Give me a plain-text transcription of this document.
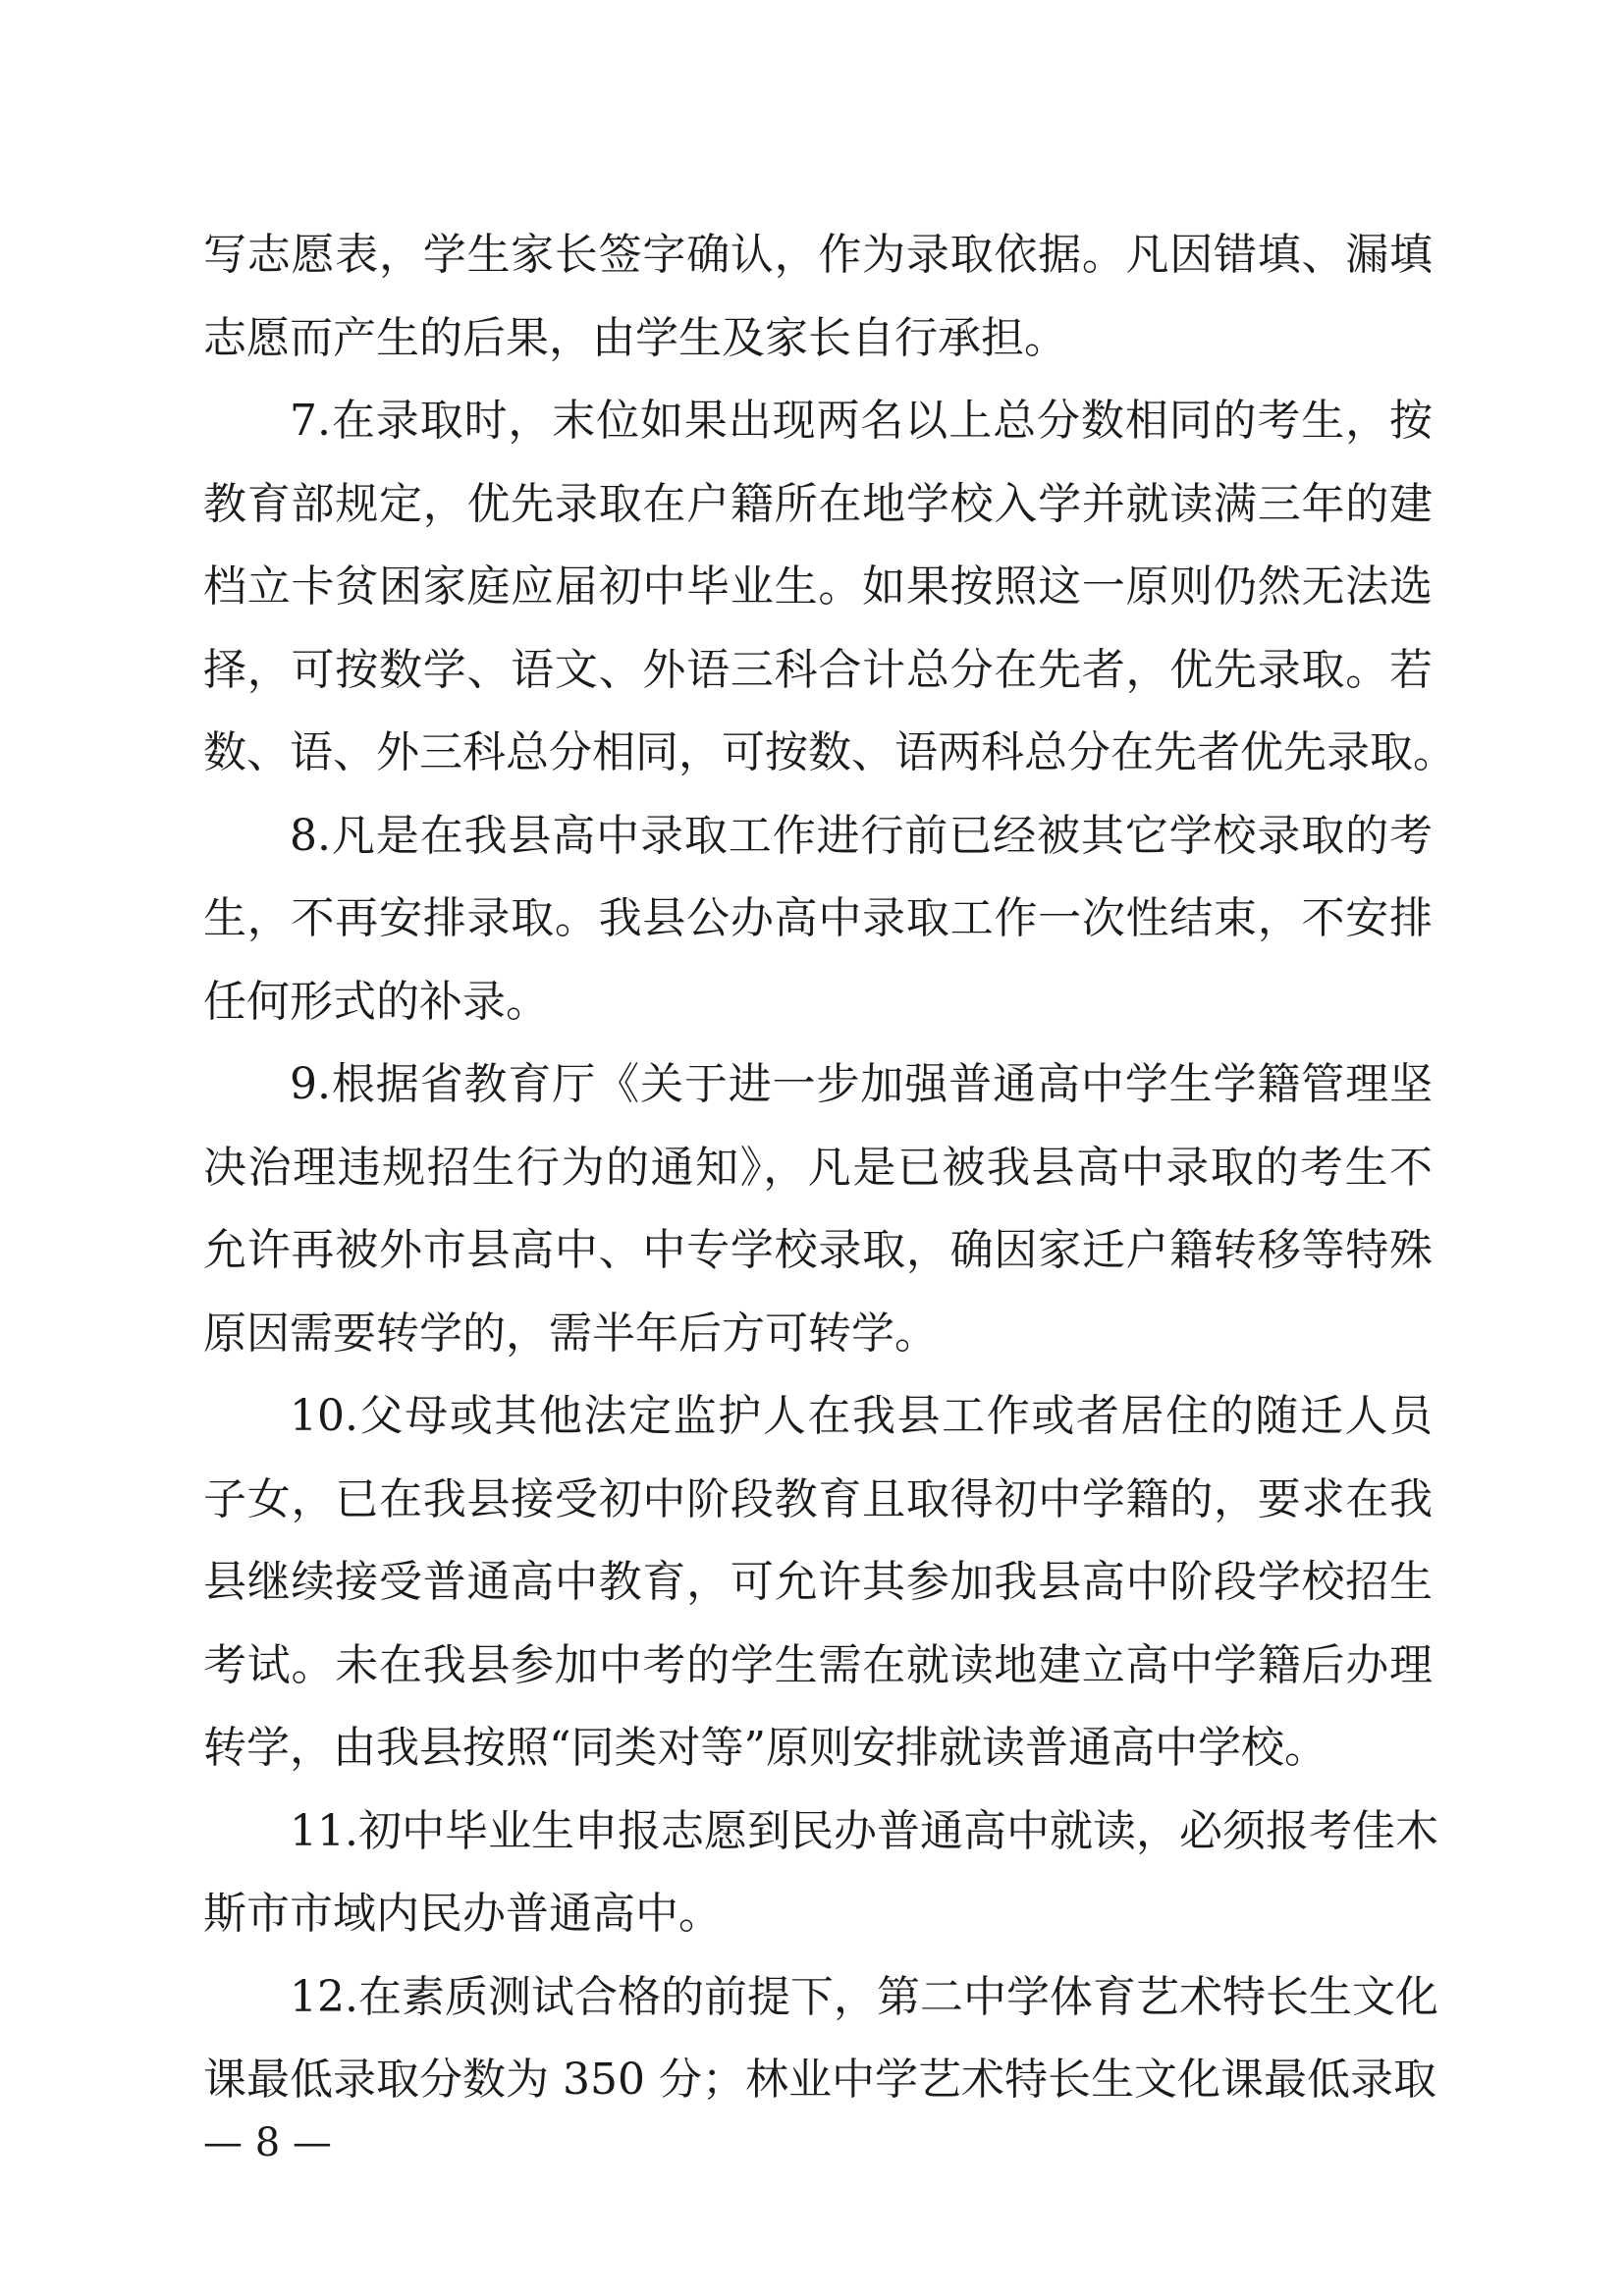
写志愿表，学生家长签字确认，作为录取依据。凡因错填、漏填
志愿而产生的后果，由学生及家长自行承担。
7.在录取时，末位如果出现两名以上总分数相同的考生，按
教育部规定，优先录取在户籍所在地学校入学并就读满三年的建
档立卡贫困家庭应届初中毕业生。如果按照这一原则仍然无法选
择，可按数学、语文、外语三科合计总分在先者，优先录取。若
数、语、外三科总分相同，可按数、语两科总分在先者优先录取。
8.凡是在我县高中录取工作进行前已经被其它学校录取的考
生，不再安排录取。我县公办高中录取工作一次性结束，不安排
任何形式的补录。
9.根据省教育厅《关于进一步加强普通高中学生学籍管理坚
决治理违规招生行为的通知》，凡是已被我县高中录取的考生不
允许再被外市县高中、中专学校录取，确因家迁户籍转移等特殊
原因需要转学的，需半年后方可转学。
10.父母或其他法定监护人在我县工作或者居住的随迁人员
子女，已在我县接受初中阶段教育且取得初中学籍的，要求在我
县继续接受普通高中教育，可允许其参加我县高中阶段学校招生
考试。未在我县参加中考的学生需在就读地建立高中学籍后办理
转学，由我县按照“同类对等”原则安排就读普通高中学校。
11.初中毕业生申报志愿到民办普通高中就读，必须报考佳木
斯市市域内民办普通高中。
12.在素质测试合格的前提下，第二中学体育艺术特长生文化
课最低录取分数为 350 分；林业中学艺术特长生文化课最低录取
— 8 —
